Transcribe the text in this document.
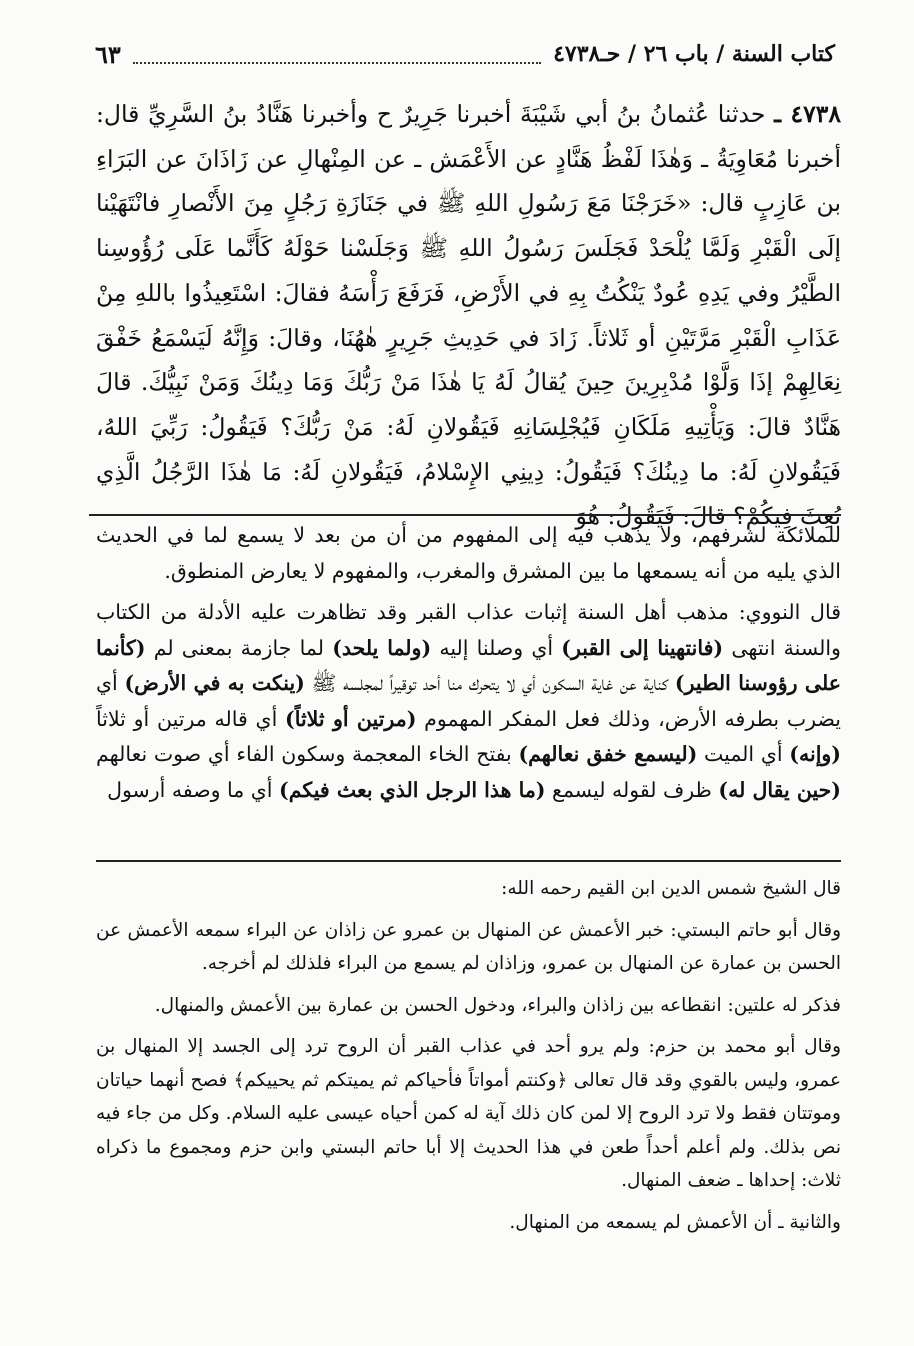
كتاب السنة / باب ٢٦ / حـ٤٧٣٨
٦٣

٤٧٣٨ ـ حدثنا عُثمانُ بنُ أبي شَيْبَةَ أخبرنا جَرِيرٌ ح وأخبرنا هَنَّادُ بنُ السَّرِيِّ قال: أخبرنا مُعَاوِيَةُ ـ وَهٰذَا لَفْظُ هَنَّادٍ عن الأَعْمَش ـ عن المِنْهالِ عن زَاذَانَ عن البَرَاءِ بن عَازِبٍ قال: «خَرَجْنَا مَعَ رَسُولِ اللهِ ﷺ في جَنَازَةِ رَجُلٍ مِنَ الأَنْصارِ فانْتَهَيْنا إلَى الْقَبْرِ وَلَمَّا يُلْحَدْ فَجَلَسَ رَسُولُ اللهِ ﷺ وَجَلَسْنا حَوْلَهُ كَأَنَّما عَلَى رُؤُوسِنا الطَّيْرُ وفي يَدِهِ عُودٌ يَنْكُتُ بِهِ في الأَرْضِ، فَرَفَعَ رَأْسَهُ فقالَ: اسْتَعِيذُوا باللهِ مِنْ عَذَابِ الْقَبْرِ مَرَّتَيْنِ أو ثَلاثاً. زَادَ في حَدِيثِ جَرِيرٍ هٰهُنَا، وقالَ: وَإِنَّهُ لَيَسْمَعُ خَفْقَ نِعَالِهِمْ إذَا وَلَّوْا مُدْبِرِينَ حِينَ يُقالُ لَهُ يَا هٰذَا مَنْ رَبُّكَ وَمَا دِينُكَ وَمَنْ نَبِيُّكَ. قالَ هَنَّادٌ قالَ: وَيَأْتِيهِ مَلَكَانِ فَيُجْلِسَانِهِ فَيَقُولانِ لَهُ: مَنْ رَبُّكَ؟ فَيَقُولُ: رَبِّيَ اللهُ، فَيَقُولانِ لَهُ: ما دِينُكَ؟ فَيَقُولُ: دِينِي الإِسْلامُ، فَيَقُولانِ لَهُ: مَا هٰذَا الرَّجُلُ الَّذِي بُعِثَ فِيكُمْ؟ قالَ: فَيَقُولُ: هُوَ

للملائكة لشرفهم، ولا يذهب فيه إلى المفهوم من أن من بعد لا يسمع لما في الحديث الذي يليه من أنه يسمعها ما بين المشرق والمغرب، والمفهوم لا يعارض المنطوق.

قال النووي: مذهب أهل السنة إثبات عذاب القبر وقد تظاهرت عليه الأدلة من الكتاب والسنة انتهى (فانتهينا إلى القبر) أي وصلنا إليه (ولما يلحد) لما جازمة بمعنى لم (كأنما على رؤوسنا الطير) كناية عن غاية السكون أي لا يتحرك منا أحد توقيراً لمجلسه ﷺ (ينكت به في الأرض) أي يضرب بطرفه الأرض، وذلك فعل المفكر المهموم (مرتين أو ثلاثاً) أي قاله مرتين أو ثلاثاً (وإنه) أي الميت (ليسمع خفق نعالهم) بفتح الخاء المعجمة وسكون الفاء أي صوت نعالهم (حين يقال له) ظرف لقوله ليسمع (ما هذا الرجل الذي بعث فيكم) أي ما وصفه أرسول

قال الشيخ شمس الدين ابن القيم رحمه الله:

وقال أبو حاتم البستي: خبر الأعمش عن المنهال بن عمرو عن زاذان عن البراء سمعه الأعمش عن الحسن بن عمارة عن المنهال بن عمرو، وزاذان لم يسمع من البراء فلذلك لم أخرجه.

فذكر له علتين: انقطاعه بين زاذان والبراء، ودخول الحسن بن عمارة بين الأعمش والمنهال.

وقال أبو محمد بن حزم: ولم يرو أحد في عذاب القبر أن الروح ترد إلى الجسد إلا المنهال بن عمرو، وليس بالقوي وقد قال تعالى ﴿وكنتم أمواتاً فأحياكم ثم يميتكم ثم يحييكم﴾ فصح أنهما حياتان وموتتان فقط ولا ترد الروح إلا لمن كان ذلك آية له كمن أحياه عيسى عليه السلام. وكل من جاء فيه نص بذلك. ولم أعلم أحداً طعن في هذا الحديث إلا أبا حاتم البستي وابن حزم ومجموع ما ذكراه ثلاث: إحداها ـ ضعف المنهال.

والثانية ـ أن الأعمش لم يسمعه من المنهال.
